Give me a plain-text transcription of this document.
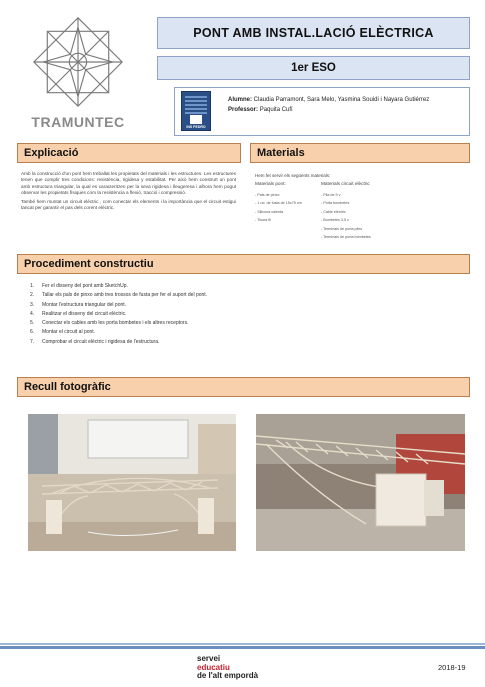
TRAMUNTEC
PONT AMB INSTAL.LACIÓ ELÈCTRICA
1er ESO
INS PEDRO
Alumne: Claudia Parramont, Sara Melo, Yasmina Souidi i Nayara Gutiérrez
Professor: Paquita Cufí
Explicació	Materials

Amb la construcció d'un pont hem treballat les propietats del materials i les estructures. Les estructures tenen que complir tres condicions: resistència, rigidesa y estabilitat. Per això hem construït un pont amb estructura triangular, la qual es caracteritzen per la seva rigidesa i lleugeresa i alhora hem pogut observar les propietats físiques com la resistència a flexió, tracció i compressió.

També hem muntat un circuit elèctric , com conectar els elements i la importància que el circuit estigui tancat per garantir el pas dels corent elèctric.

Hem fet servir els següents materials:
Materials pont:	Materials circuit elèctric
- Pals de pinxo
- 1 ud. de fusta de 15x75 cm
- Silicona calenta
- Tisora fil
- Pila de 9 v
- Porta bombetes
- Cable elèctric
- Bombetes 3,5 v
- Terminals de porta piles
- Terminals de porta bombetes
Procediment constructiu
1. Fer el disseny del pont amb SketchUp.
2. Tallar els pals de pinxo amb tres trossos de fusta per fer el suport del pont.
3. Montar l'estructura triangular del pont.
4. Realitzar el disseny del circuit elèctric.
5. Conectar els cables amb les porta bombetes i els altres receptors.
6. Montar el circuit al pont.
7. Comprobar el circuit elèctric i rigidesa de l'estructura.
Recull fotogràfic
servei
educatiu
de l'alt empordà
2018-19
